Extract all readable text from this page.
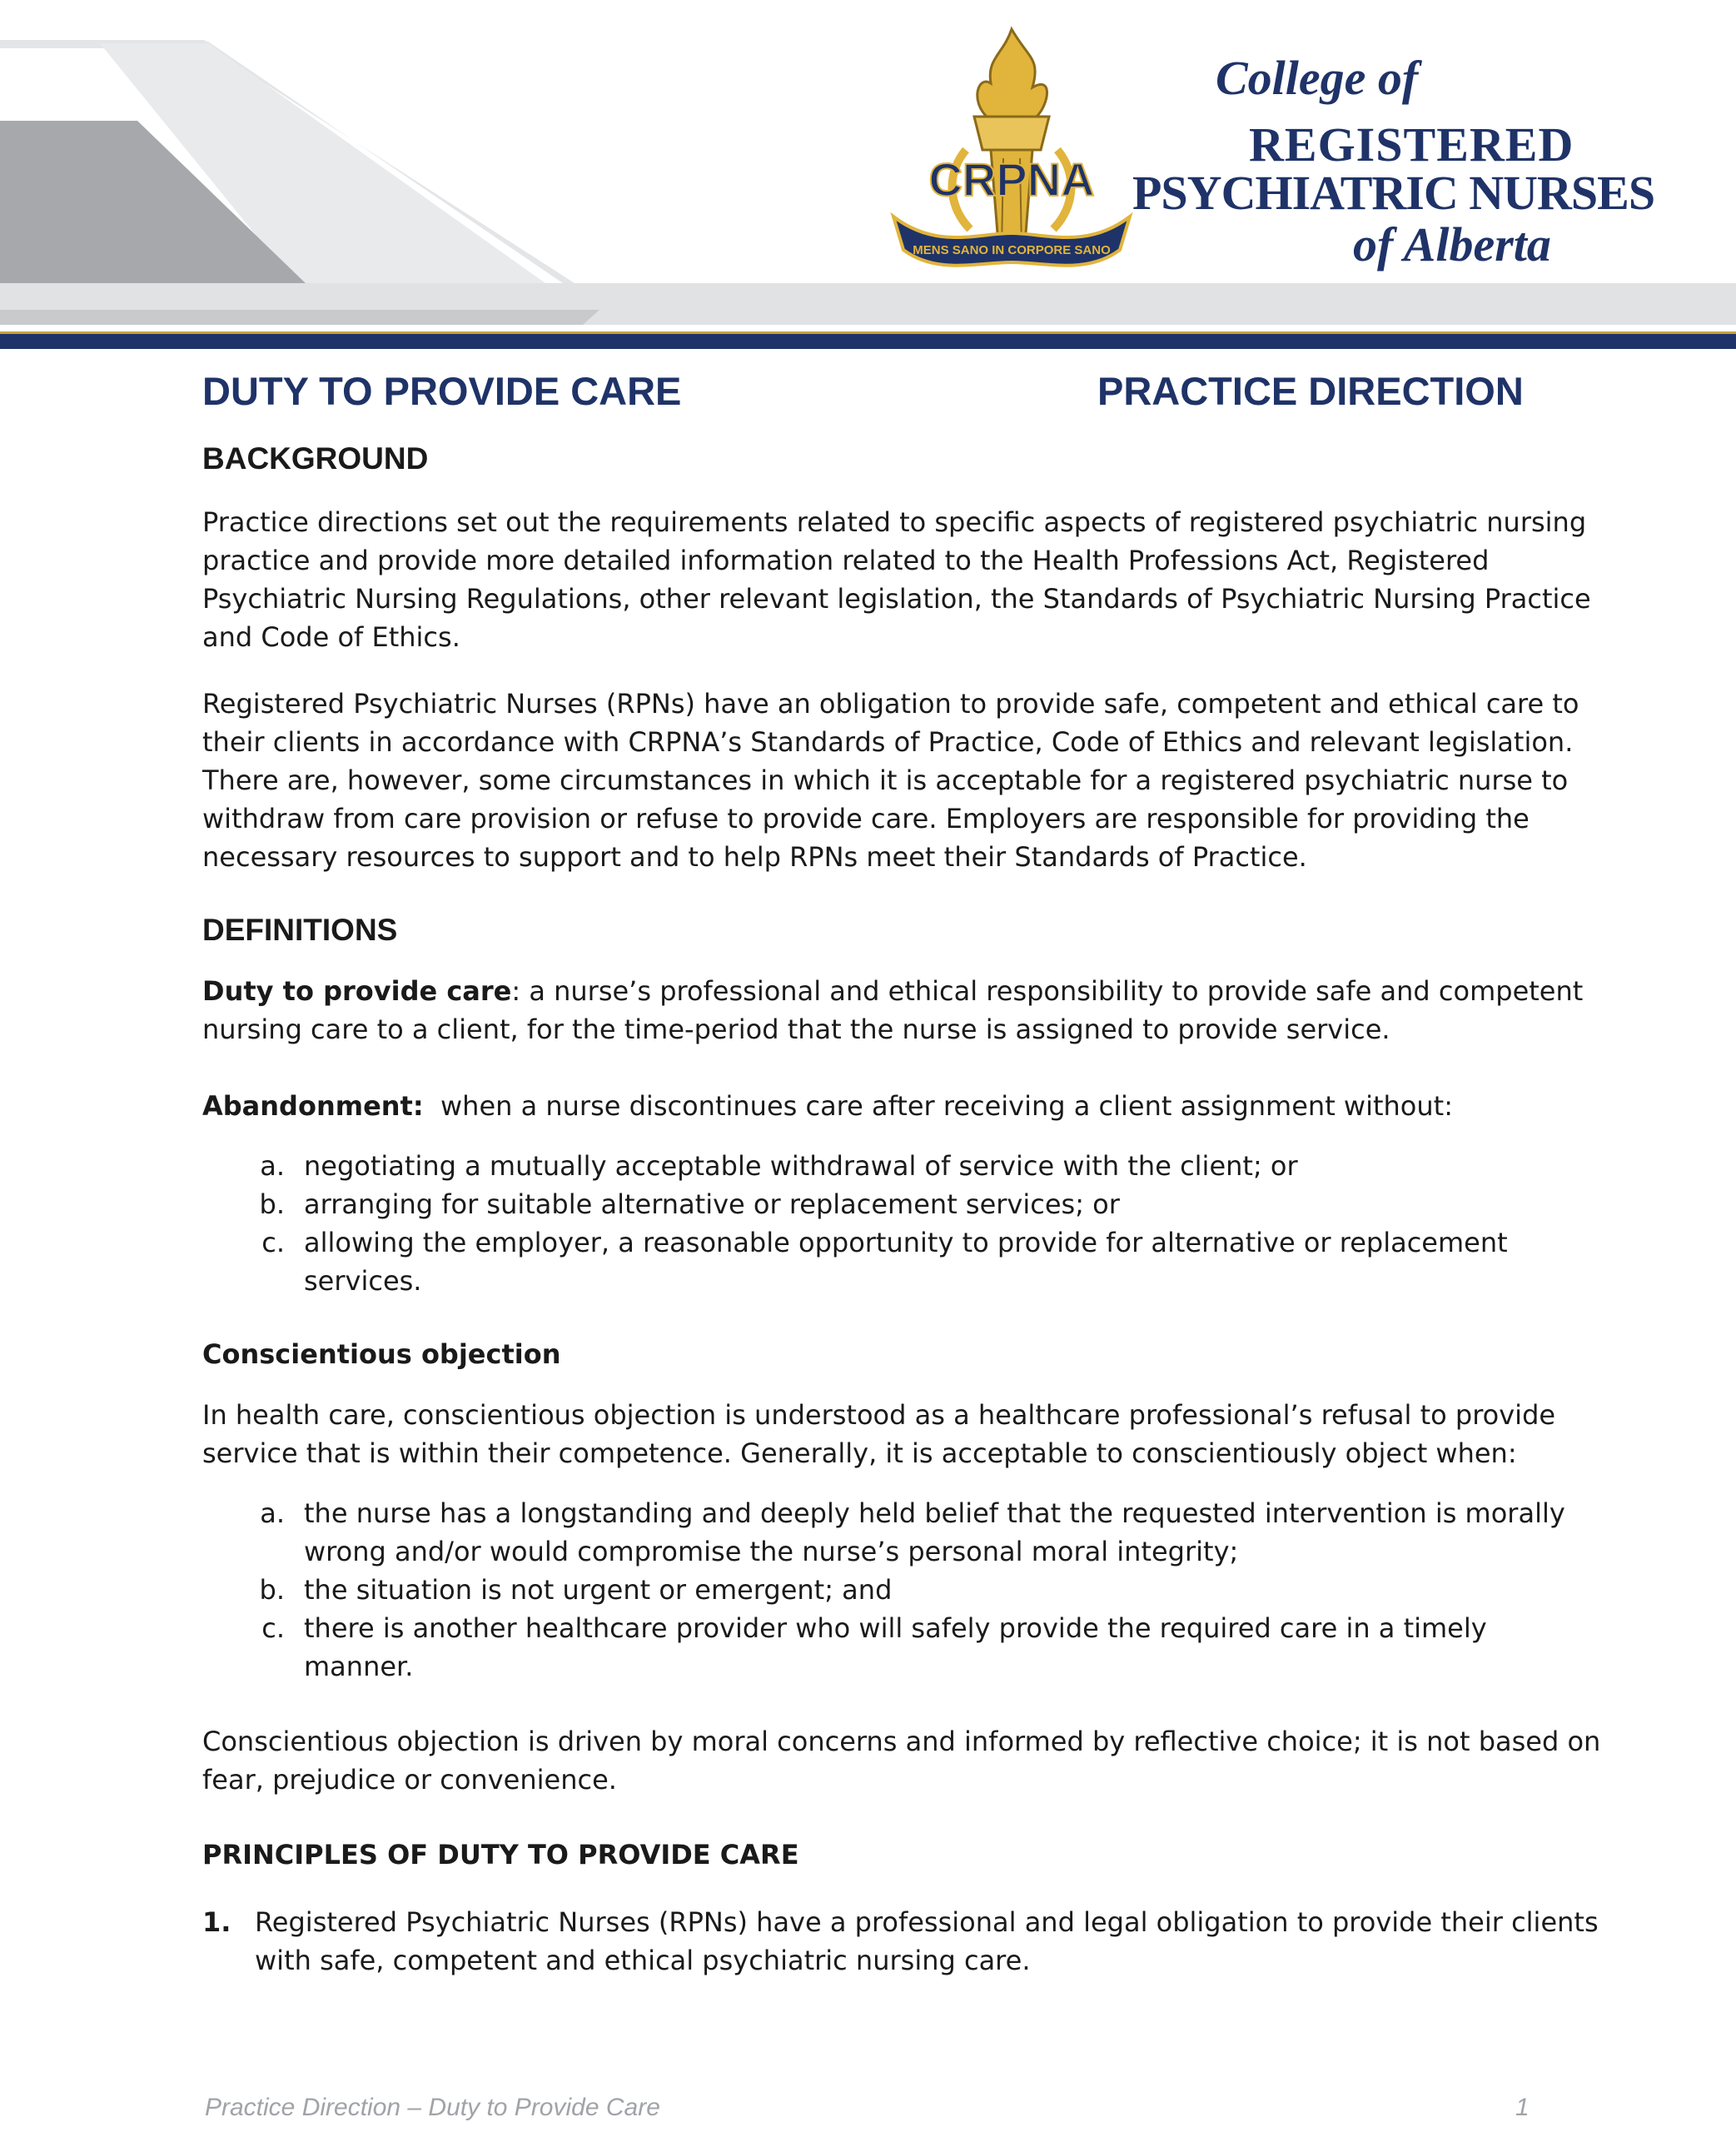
CRPNA
MENS SANO IN CORPORE SANO
College of
REGISTERED
PSYCHIATRIC NURSES
of Alberta
DUTY TO PROVIDE CARE	PRACTICE DIRECTION
BACKGROUND
Practice directions set out the requirements related to specific aspects of registered psychiatric nursing
practice and provide more detailed information related to the Health Professions Act, Registered
Psychiatric Nursing Regulations, other relevant legislation, the Standards of Psychiatric Nursing Practice
and Code of Ethics.
Registered Psychiatric Nurses (RPNs) have an obligation to provide safe, competent and ethical care to
their clients in accordance with CRPNA’s Standards of Practice, Code of Ethics and relevant legislation.
There are, however, some circumstances in which it is acceptable for a registered psychiatric nurse to
withdraw from care provision or refuse to provide care. Employers are responsible for providing the
necessary resources to support and to help RPNs meet their Standards of Practice.
DEFINITIONS
Duty to provide care: a nurse’s professional and ethical responsibility to provide safe and competent
nursing care to a client, for the time-period that the nurse is assigned to provide service.
Abandonment:  when a nurse discontinues care after receiving a client assignment without:
a. negotiating a mutually acceptable withdrawal of service with the client; or
b. arranging for suitable alternative or replacement services; or
c. allowing the employer, a reasonable opportunity to provide for alternative or replacement
services.
Conscientious objection
In health care, conscientious objection is understood as a healthcare professional’s refusal to provide
service that is within their competence. Generally, it is acceptable to conscientiously object when:
a. the nurse has a longstanding and deeply held belief that the requested intervention is morally
wrong and/or would compromise the nurse’s personal moral integrity;
b. the situation is not urgent or emergent; and
c. there is another healthcare provider who will safely provide the required care in a timely
manner.
Conscientious objection is driven by moral concerns and informed by reflective choice; it is not based on
fear, prejudice or convenience.
PRINCIPLES OF DUTY TO PROVIDE CARE
1. Registered Psychiatric Nurses (RPNs) have a professional and legal obligation to provide their clients
with safe, competent and ethical psychiatric nursing care.
Practice Direction – Duty to Provide Care	1
